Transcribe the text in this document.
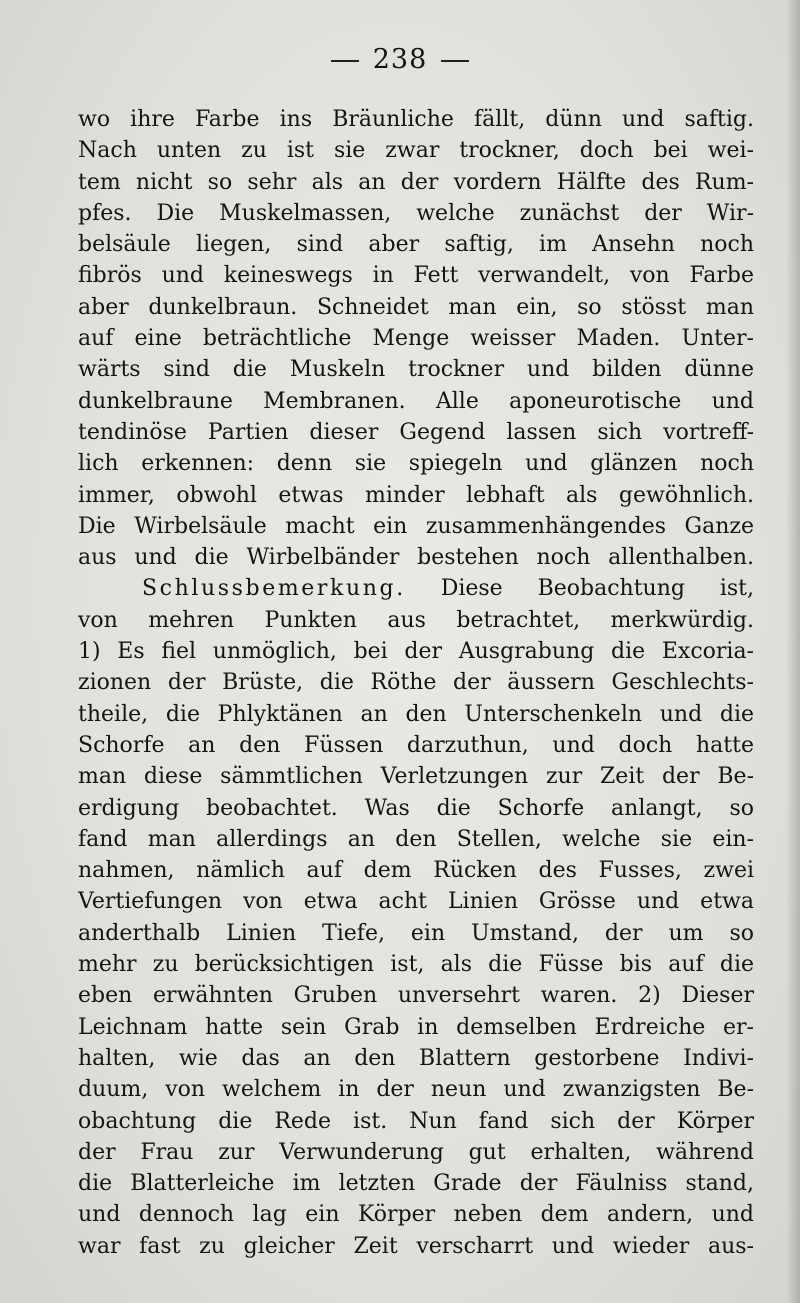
238
wo ihre Farbe ins Bräunliche fällt, dünn und saftig.
Nach unten zu ist sie zwar trockner, doch bei wei-
tem nicht so sehr als an der vordern Hälfte des Rum-
pfes. Die Muskelmassen, welche zunächst der Wir-
belsäule liegen, sind aber saftig, im Ansehn noch
fibrös und keineswegs in Fett verwandelt, von Farbe
aber dunkelbraun. Schneidet man ein, so stösst man
auf eine beträchtliche Menge weisser Maden. Unter-
wärts sind die Muskeln trockner und bilden dünne
dunkelbraune Membranen. Alle aponeurotische und
tendinöse Partien dieser Gegend lassen sich vortreff-
lich erkennen: denn sie spiegeln und glänzen noch
immer, obwohl etwas minder lebhaft als gewöhnlich.
Die Wirbelsäule macht ein zusammenhängendes Ganze
aus und die Wirbelbänder bestehen noch allenthalben.
Schlussbemerkung. Diese Beobachtung ist,
von mehren Punkten aus betrachtet, merkwürdig.
1) Es fiel unmöglich, bei der Ausgrabung die Excoria-
zionen der Brüste, die Röthe der äussern Geschlechts-
theile, die Phlyktänen an den Unterschenkeln und die
Schorfe an den Füssen darzuthun, und doch hatte
man diese sämmtlichen Verletzungen zur Zeit der Be-
erdigung beobachtet. Was die Schorfe anlangt, so
fand man allerdings an den Stellen, welche sie ein-
nahmen, nämlich auf dem Rücken des Fusses, zwei
Vertiefungen von etwa acht Linien Grösse und etwa
anderthalb Linien Tiefe, ein Umstand, der um so
mehr zu berücksichtigen ist, als die Füsse bis auf die
eben erwähnten Gruben unversehrt waren. 2) Dieser
Leichnam hatte sein Grab in demselben Erdreiche er-
halten, wie das an den Blattern gestorbene Indivi-
duum, von welchem in der neun und zwanzigsten Be-
obachtung die Rede ist. Nun fand sich der Körper
der Frau zur Verwunderung gut erhalten, während
die Blatterleiche im letzten Grade der Fäulniss stand,
und dennoch lag ein Körper neben dem andern, und
war fast zu gleicher Zeit verscharrt und wieder aus-
